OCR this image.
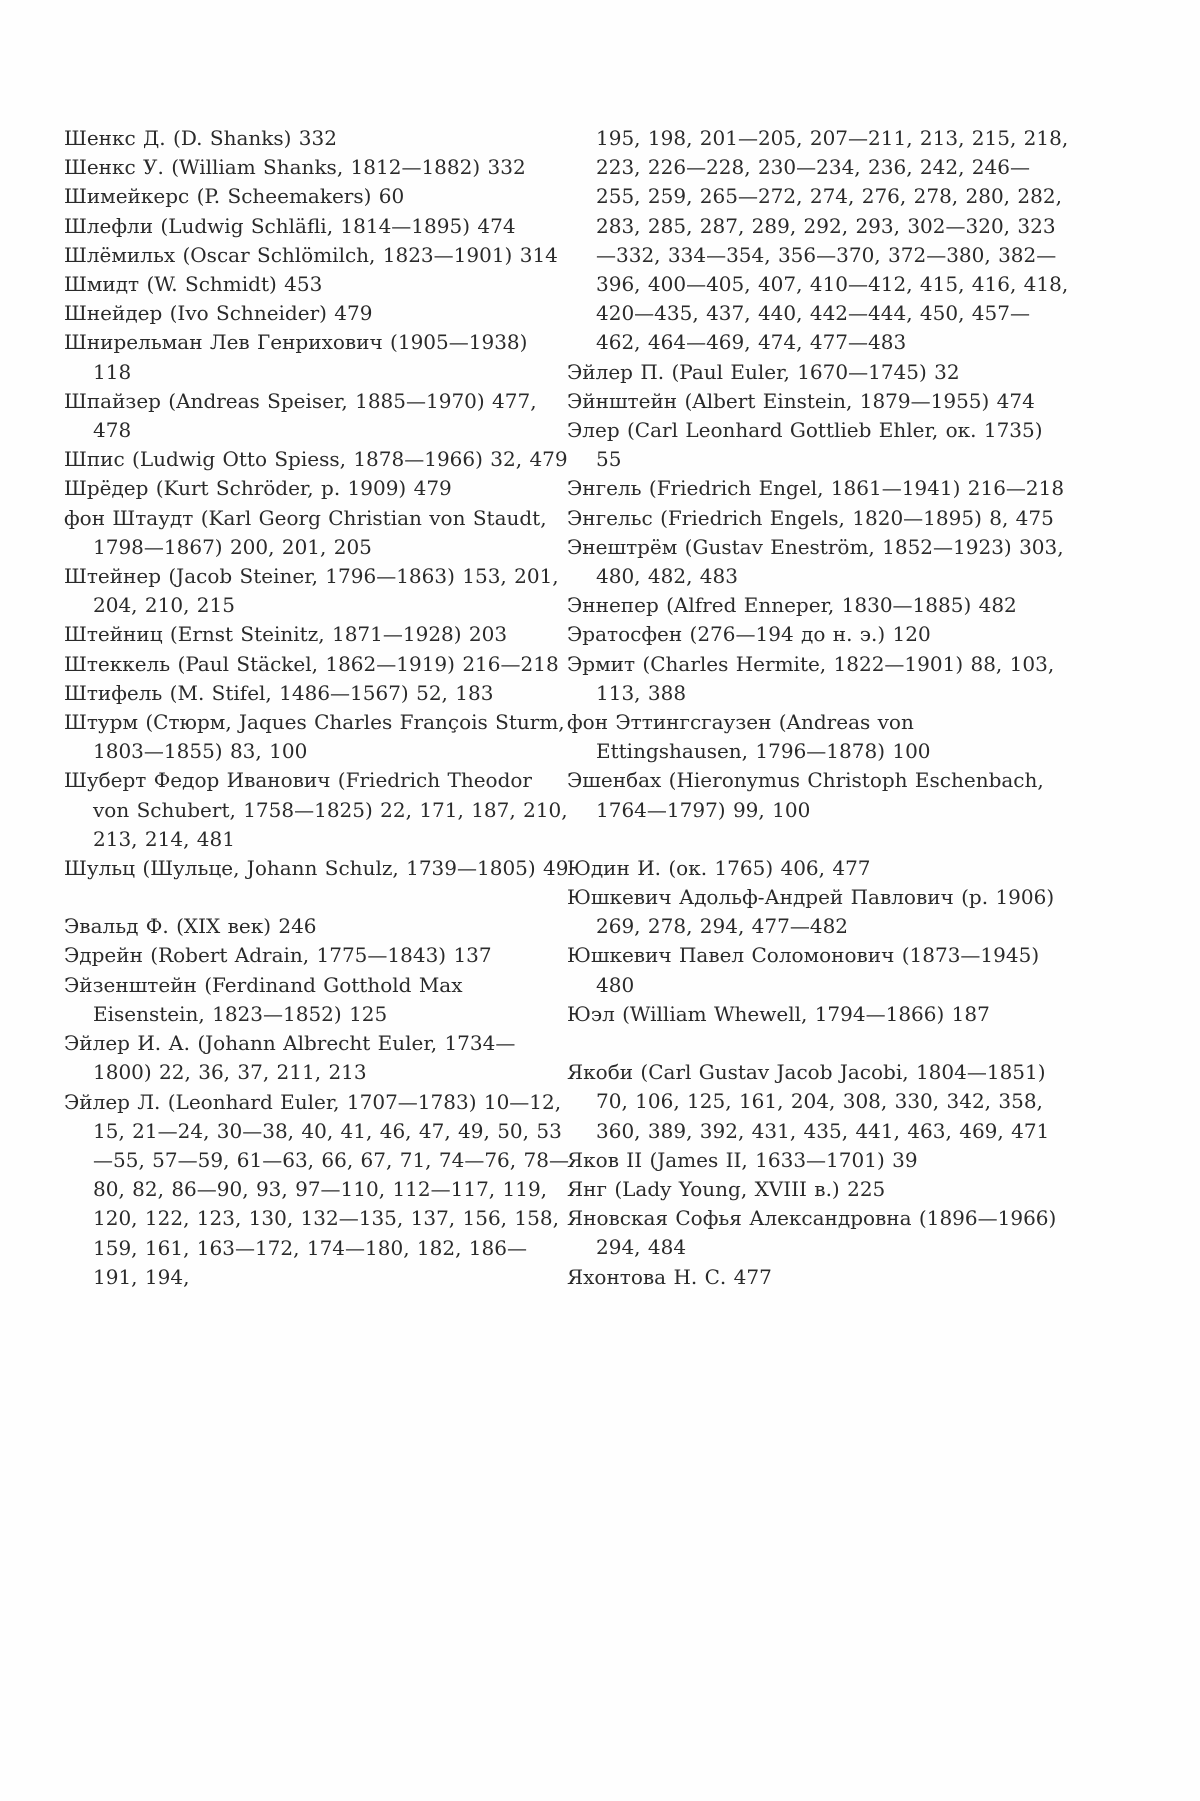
Шенкс Д. (D. Shanks) 332

Шенкс У. (William Shanks, 1812—1882) 332

Шимейкерс (P. Scheemakers) 60

Шлефли (Ludwig Schläfli, 1814—1895) 474

Шлёмильх (Oscar Schlömilch, 1823—1901) 314

Шмидт (W. Schmidt) 453

Шнейдер (Ivo Schneider) 479

Шнирельман Лев Генрихович (1905—1938) 118

Шпайзер (Andreas Speiser, 1885—1970) 477, 478

Шпис (Ludwig Otto Spiess, 1878—1966) 32, 479

Шрёдер (Kurt Schröder, р. 1909) 479

фон Штаудт (Karl Georg Christian von Staudt, 1798—1867) 200, 201, 205

Штейнер (Jacob Steiner, 1796—1863) 153, 201, 204, 210, 215

Штейниц (Ernst Steinitz, 1871—1928) 203

Штеккель (Paul Stäckel, 1862—1919) 216—218

Штифель (M. Stifel, 1486—1567) 52, 183

Штурм (Стюрм, Jaques Charles François Sturm, 1803—1855) 83, 100

Шуберт Федор Иванович (Friedrich Theodor von Schubert, 1758—1825) 22, 171, 187, 210, 213, 214, 481

Шульц (Шульце, Johann Schulz, 1739—1805) 49

Эвальд Ф. (XIX век) 246

Эдрейн (Robert Adrain, 1775—1843) 137

Эйзенштейн (Ferdinand Gotthold Max Eisenstein, 1823—1852) 125

Эйлер И. А. (Johann Albrecht Euler, 1734—1800) 22, 36, 37, 211, 213

Эйлер Л. (Leonhard Euler, 1707—1783) 10—12, 15, 21—24, 30—38, 40, 41, 46, 47, 49, 50, 53—55, 57—59, 61—63, 66, 67, 71, 74—76, 78—80, 82, 86—90, 93, 97—110, 112—117, 119, 120, 122, 123, 130, 132—135, 137, 156, 158, 159, 161, 163—172, 174—180, 182, 186—191, 194,

195, 198, 201—205, 207—211, 213, 215, 218, 223, 226—228, 230—234, 236, 242, 246—255, 259, 265—272, 274, 276, 278, 280, 282, 283, 285, 287, 289, 292, 293, 302—320, 323—332, 334—354, 356—370, 372—380, 382—396, 400—405, 407, 410—412, 415, 416, 418, 420—435, 437, 440, 442—444, 450, 457—462, 464—469, 474, 477—483

Эйлер П. (Paul Euler, 1670—1745) 32

Эйнштейн (Albert Einstein, 1879—1955) 474

Элер (Carl Leonhard Gottlieb Ehler, ок. 1735) 55

Энгель (Friedrich Engel, 1861—1941) 216—218

Энгельс (Friedrich Engels, 1820—1895) 8, 475

Энештрём (Gustav Eneström, 1852—1923) 303, 480, 482, 483

Эннепер (Alfred Enneper, 1830—1885) 482

Эратосфен (276—194 до н. э.) 120

Эрмит (Charles Hermite, 1822—1901) 88, 103, 113, 388

фон Эттингсгаузен (Andreas von Ettingshausen, 1796—1878) 100

Эшенбах (Hieronymus Christoph Eschenbach, 1764—1797) 99, 100

Юдин И. (ок. 1765) 406, 477

Юшкевич Адольф-Андрей Павлович (р. 1906) 269, 278, 294, 477—482

Юшкевич Павел Соломонович (1873—1945) 480

Юэл (William Whewell, 1794—1866) 187

Якоби (Carl Gustav Jacob Jacobi, 1804—1851) 70, 106, 125, 161, 204, 308, 330, 342, 358, 360, 389, 392, 431, 435, 441, 463, 469, 471

Яков II (James II, 1633—1701) 39

Янг (Lady Young, XVIII в.) 225

Яновская Софья Александровна (1896—1966) 294, 484

Яхонтова Н. С. 477
